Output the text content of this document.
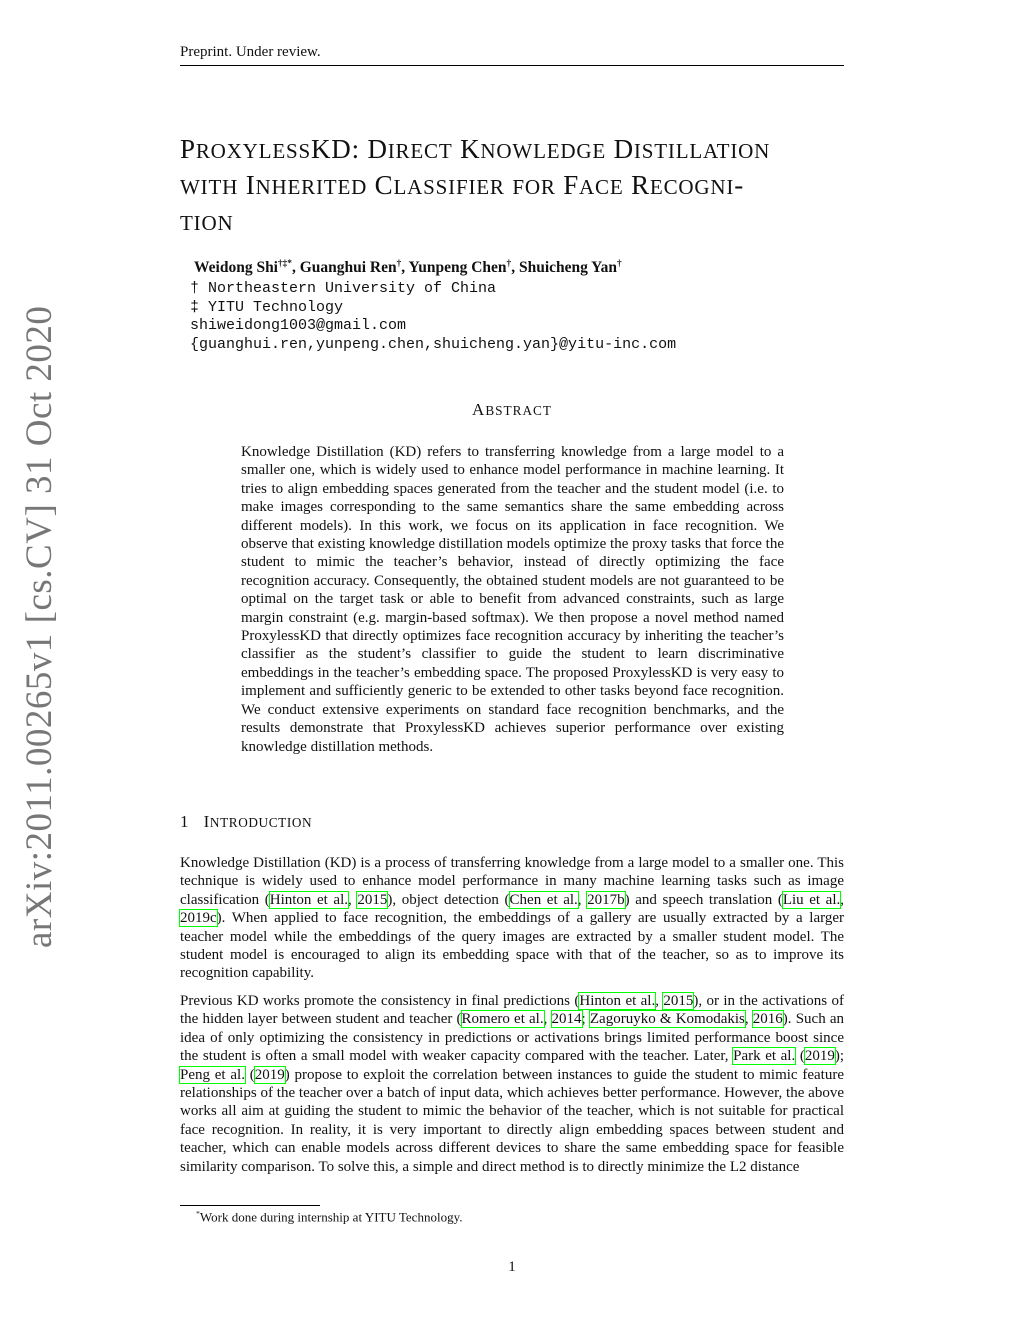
Preprint. Under review.
arXiv:2011.00265v1 [cs.CV] 31 Oct 2020
PROXYLESSKD: DIRECT KNOWLEDGE DISTILLATION
WITH INHERITED CLASSIFIER FOR FACE RECOGNI-
TION
Weidong Shi†‡*, Guanghui Ren†, Yunpeng Chen†, Shuicheng Yan†
† Northeastern University of China
‡ YITU Technology
shiweidong1003@gmail.com
{guanghui.ren,yunpeng.chen,shuicheng.yan}@yitu-inc.com
ABSTRACT
Knowledge Distillation (KD) refers to transferring knowledge from a large model to a smaller one, which is widely used to enhance model performance in machine learning. It tries to align embedding spaces generated from the teacher and the student model (i.e. to make images corresponding to the same semantics share the same embedding across different models). In this work, we focus on its application in face recognition. We observe that existing knowledge distillation models optimize the proxy tasks that force the student to mimic the teacher’s behavior, instead of directly optimizing the face recognition accuracy. Consequently, the obtained student models are not guaranteed to be optimal on the target task or able to benefit from advanced constraints, such as large margin constraint (e.g. margin-based softmax). We then propose a novel method named ProxylessKD that directly optimizes face recognition accuracy by inheriting the teacher’s classifier as the student’s classifier to guide the student to learn discriminative embeddings in the teacher’s embedding space. The proposed ProxylessKD is very easy to implement and sufficiently generic to be extended to other tasks beyond face recognition. We conduct extensive experiments on standard face recognition benchmarks, and the results demonstrate that ProxylessKD achieves superior performance over existing knowledge distillation methods.
1   INTRODUCTION
Knowledge Distillation (KD) is a process of transferring knowledge from a large model to a smaller one. This technique is widely used to enhance model performance in many machine learning tasks such as image classification (Hinton et al., 2015), object detection (Chen et al., 2017b) and speech translation (Liu et al., 2019c). When applied to face recognition, the embeddings of a gallery are usually extracted by a larger teacher model while the embeddings of the query images are extracted by a smaller student model. The student model is encouraged to align its embedding space with that of the teacher, so as to improve its recognition capability.
Previous KD works promote the consistency in final predictions (Hinton et al., 2015), or in the activations of the hidden layer between student and teacher (Romero et al., 2014; Zagoruyko & Komodakis, 2016). Such an idea of only optimizing the consistency in predictions or activations brings limited performance boost since the student is often a small model with weaker capacity compared with the teacher. Later, Park et al. (2019); Peng et al. (2019) propose to exploit the correlation between instances to guide the student to mimic feature relationships of the teacher over a batch of input data, which achieves better performance. However, the above works all aim at guiding the student to mimic the behavior of the teacher, which is not suitable for practical face recognition. In reality, it is very important to directly align embedding spaces between student and teacher, which can enable models across different devices to share the same embedding space for feasible similarity comparison. To solve this, a simple and direct method is to directly minimize the L2 distance
*Work done during internship at YITU Technology.
1
